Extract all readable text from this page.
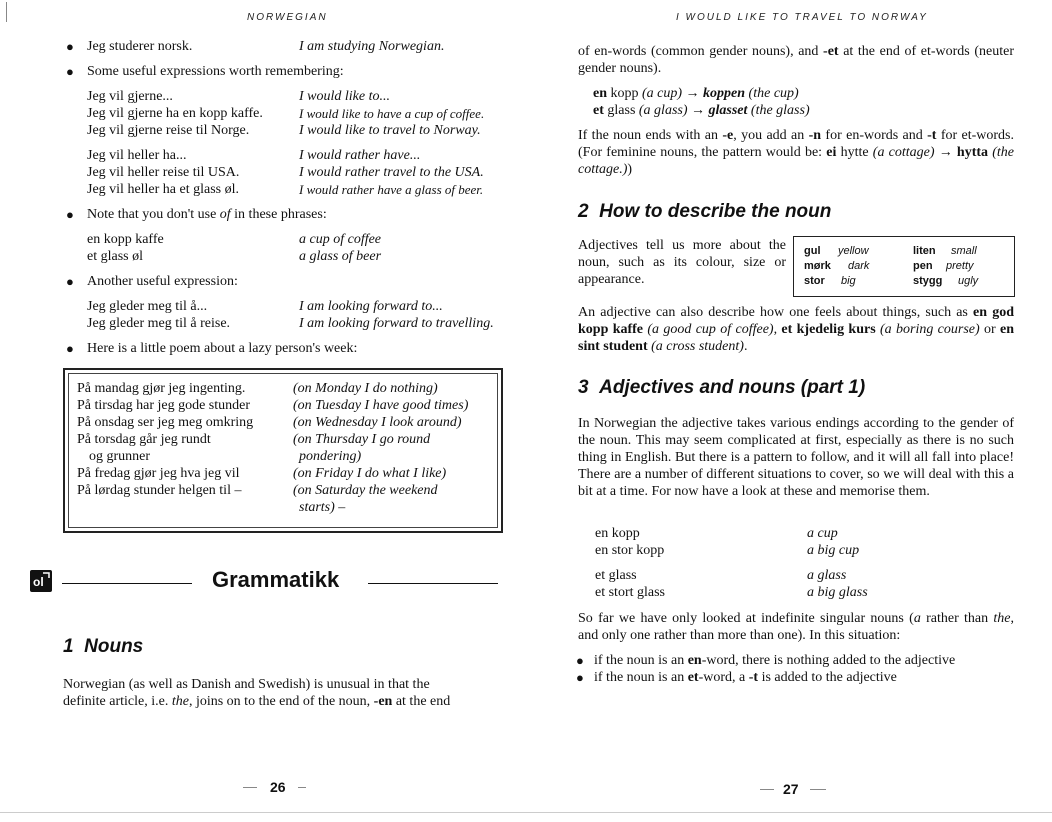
NORWEGIAN
● Jeg studerer norsk.	I am studying Norwegian.
● Some useful expressions worth remembering:
Jeg vil gjerne...	I would like to...
Jeg vil gjerne ha en kopp kaffe.	I would like to have a cup of coffee.
Jeg vil gjerne reise til Norge.	I would like to travel to Norway.
Jeg vil heller ha...	I would rather have...
Jeg vil heller reise til USA.	I would rather travel to the USA.
Jeg vil heller ha et glass øl.	I would rather have a glass of beer.
● Note that you don't use of in these phrases:
en kopp kaffe	a cup of coffee
et glass øl	a glass of beer
● Another useful expression:
Jeg gleder meg til å...	I am looking forward to...
Jeg gleder meg til å reise.	I am looking forward to travelling.
● Here is a little poem about a lazy person's week:
På mandag gjør jeg ingenting.	(on Monday I do nothing)
På tirsdag har jeg gode stunder	(on Tuesday I have good times)
På onsdag ser jeg meg omkring	(on Wednesday I look around)
På torsdag går jeg rundt	(on Thursday I go round
og grunner	pondering)
På fredag gjør jeg hva jeg vil	(on Friday I do what I like)
På lørdag stunder helgen til –	(on Saturday the weekend
starts) –
ol	Grammatikk
1 Nouns
Norwegian (as well as Danish and Swedish) is unusual in that the
definite article, i.e. the, joins on to the end of the noun, -en at the end
26
I WOULD LIKE TO TRAVEL TO NORWAY
of en-words (common gender nouns), and -et at the end of et-words (neuter gender nouns).
en kopp (a cup) → koppen (the cup)
et glass (a glass) → glasset (the glass)
If the noun ends with an -e, you add an -n for en-words and -t for et-words. (For feminine nouns, the pattern would be: ei hytte (a cottage) → hytta (the cottage.))
2 How to describe the noun
Adjectives tell us more about the noun, such as its colour, size or appearance.
gul yellow	liten small
mørk dark	pen pretty
stor big	stygg ugly
An adjective can also describe how one feels about things, such as en god kopp kaffe (a good cup of coffee), et kjedelig kurs (a boring course) or en sint student (a cross student).
3 Adjectives and nouns (part 1)
In Norwegian the adjective takes various endings according to the gender of the noun. This may seem complicated at first, especially as there is no such thing in English. But there is a pattern to follow, and it will all fall into place! There are a number of different situations to cover, so we will deal with this a bit at a time. For now have a look at these and memorise them.
en kopp	a cup
en stor kopp	a big cup
et glass	a glass
et stort glass	a big glass
So far we have only looked at indefinite singular nouns (a rather than the, and only one rather than more than one). In this situation:
● if the noun is an en-word, there is nothing added to the adjective
● if the noun is an et-word, a -t is added to the adjective
27
